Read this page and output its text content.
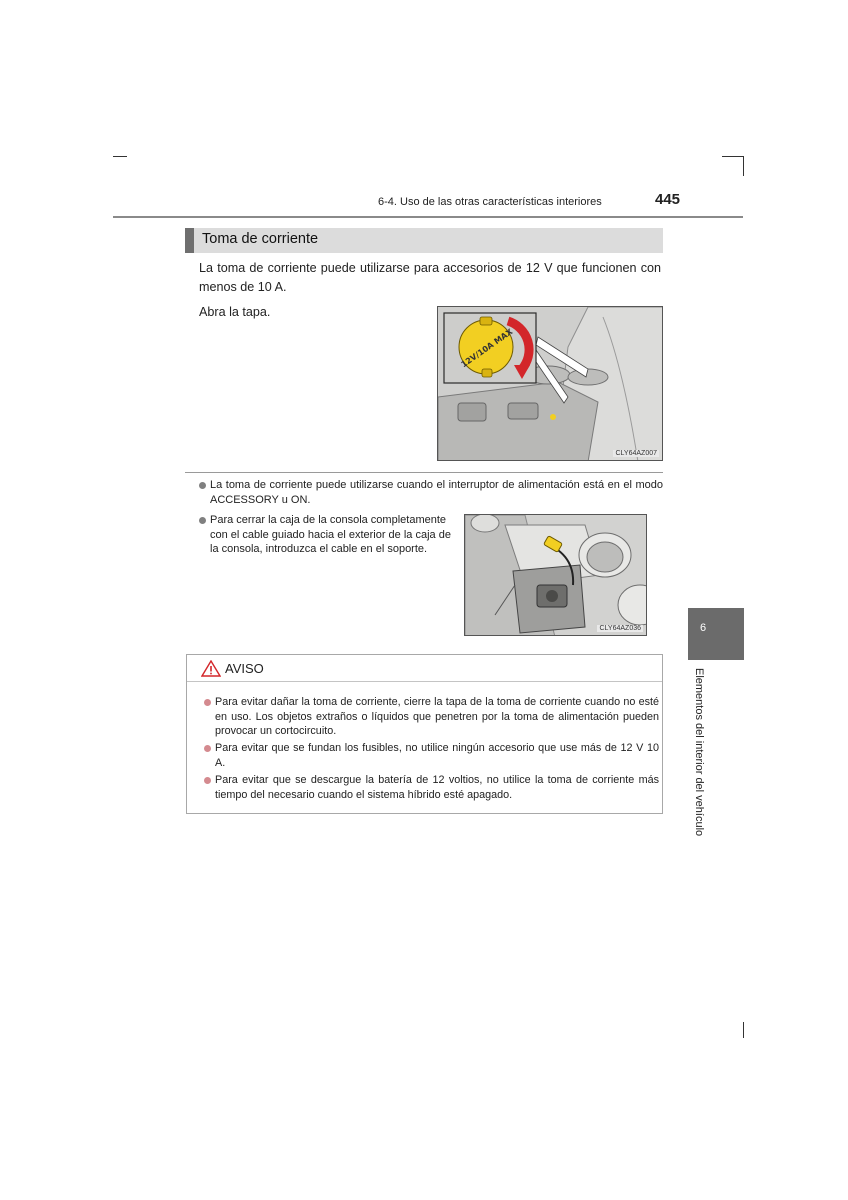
6-4. Uso de las otras características interiores	445
Toma de corriente
La toma de corriente puede utilizarse para accesorios de 12 V que funcionen con menos de 10 A.
Abra la tapa.
12V/10A MAX
CLY64AZ007
La toma de corriente puede utilizarse cuando el interruptor de alimentación está en el modo ACCESSORY u ON.
Para cerrar la caja de la consola completamente con el cable guiado hacia el exterior de la caja de la consola, introduzca el cable en el soporte.
CLY64AZ036
AVISO
Para evitar dañar la toma de corriente, cierre la tapa de la toma de corriente cuando no esté en uso. Los objetos extraños o líquidos que penetren por la toma de alimentación pueden provocar un cortocircuito.
Para evitar que se fundan los fusibles, no utilice ningún accesorio que use más de 12 V 10 A.
Para evitar que se descargue la batería de 12 voltios, no utilice la toma de corriente más tiempo del necesario cuando el sistema híbrido esté apagado.
6
Elementos del interior del vehículo
